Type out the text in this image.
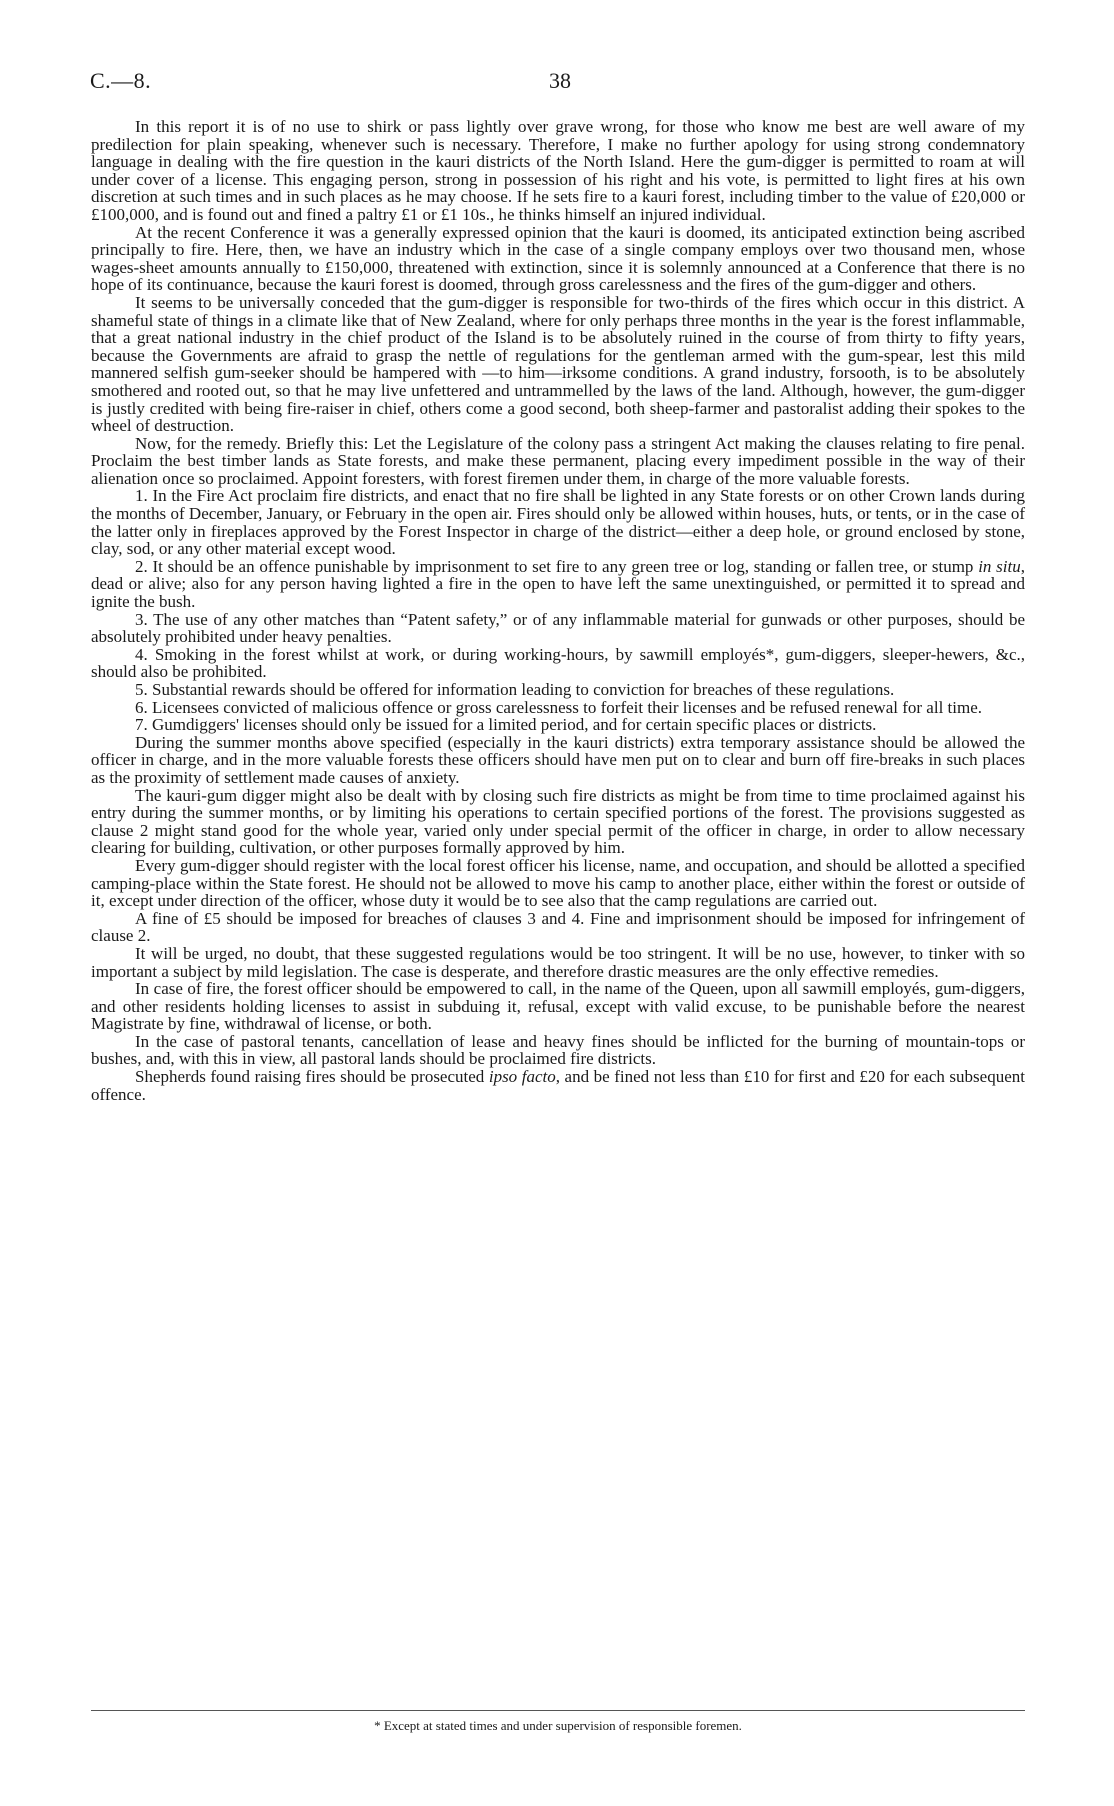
C.—8.	38

In this report it is of no use to shirk or pass lightly over grave wrong, for those who know me best are well aware of my predilection for plain speaking, whenever such is necessary. Therefore, I make no further apology for using strong condemnatory language in dealing with the fire question in the kauri districts of the North Island. Here the gum-digger is permitted to roam at will under cover of a license. This engaging person, strong in possession of his right and his vote, is permitted to light fires at his own discretion at such times and in such places as he may choose. If he sets fire to a kauri forest, including timber to the value of £20,000 or £100,000, and is found out and fined a paltry £1 or £1 10s., he thinks himself an injured individual.

At the recent Conference it was a generally expressed opinion that the kauri is doomed, its anticipated extinction being ascribed principally to fire. Here, then, we have an industry which in the case of a single company employs over two thousand men, whose wages-sheet amounts annually to £150,000, threatened with extinction, since it is solemnly announced at a Conference that there is no hope of its continuance, because the kauri forest is doomed, through gross carelessness and the fires of the gum-digger and others.

It seems to be universally conceded that the gum-digger is responsible for two-thirds of the fires which occur in this district. A shameful state of things in a climate like that of New Zealand, where for only perhaps three months in the year is the forest inflammable, that a great national industry in the chief product of the Island is to be absolutely ruined in the course of from thirty to fifty years, because the Governments are afraid to grasp the nettle of regulations for the gentleman armed with the gum-spear, lest this mild mannered selfish gum-seeker should be hampered with —to him—irksome conditions. A grand industry, forsooth, is to be absolutely smothered and rooted out, so that he may live unfettered and untrammelled by the laws of the land. Although, however, the gum-digger is justly credited with being fire-raiser in chief, others come a good second, both sheep-farmer and pastoralist adding their spokes to the wheel of destruction.

Now, for the remedy. Briefly this: Let the Legislature of the colony pass a stringent Act making the clauses relating to fire penal. Proclaim the best timber lands as State forests, and make these permanent, placing every impediment possible in the way of their alienation once so proclaimed. Appoint foresters, with forest firemen under them, in charge of the more valuable forests.

1. In the Fire Act proclaim fire districts, and enact that no fire shall be lighted in any State forests or on other Crown lands during the months of December, January, or February in the open air. Fires should only be allowed within houses, huts, or tents, or in the case of the latter only in fireplaces approved by the Forest Inspector in charge of the district—either a deep hole, or ground enclosed by stone, clay, sod, or any other material except wood.

2. It should be an offence punishable by imprisonment to set fire to any green tree or log, standing or fallen tree, or stump in situ, dead or alive; also for any person having lighted a fire in the open to have left the same unextinguished, or permitted it to spread and ignite the bush.

3. The use of any other matches than “Patent safety,” or of any inflammable material for gunwads or other purposes, should be absolutely prohibited under heavy penalties.

4. Smoking in the forest whilst at work, or during working-hours, by sawmill employés*, gum-diggers, sleeper-hewers, &c., should also be prohibited.

5. Substantial rewards should be offered for information leading to conviction for breaches of these regulations.

6. Licensees convicted of malicious offence or gross carelessness to forfeit their licenses and be refused renewal for all time.

7. Gumdiggers' licenses should only be issued for a limited period, and for certain specific places or districts.

During the summer months above specified (especially in the kauri districts) extra temporary assistance should be allowed the officer in charge, and in the more valuable forests these officers should have men put on to clear and burn off fire-breaks in such places as the proximity of settlement made causes of anxiety.

The kauri-gum digger might also be dealt with by closing such fire districts as might be from time to time proclaimed against his entry during the summer months, or by limiting his operations to certain specified portions of the forest. The provisions suggested as clause 2 might stand good for the whole year, varied only under special permit of the officer in charge, in order to allow necessary clearing for building, cultivation, or other purposes formally approved by him.

Every gum-digger should register with the local forest officer his license, name, and occupation, and should be allotted a specified camping-place within the State forest. He should not be allowed to move his camp to another place, either within the forest or outside of it, except under direction of the officer, whose duty it would be to see also that the camp regulations are carried out.

A fine of £5 should be imposed for breaches of clauses 3 and 4. Fine and imprisonment should be imposed for infringement of clause 2.

It will be urged, no doubt, that these suggested regulations would be too stringent. It will be no use, however, to tinker with so important a subject by mild legislation. The case is desperate, and therefore drastic measures are the only effective remedies.

In case of fire, the forest officer should be empowered to call, in the name of the Queen, upon all sawmill employés, gum-diggers, and other residents holding licenses to assist in subduing it, refusal, except with valid excuse, to be punishable before the nearest Magistrate by fine, withdrawal of license, or both.

In the case of pastoral tenants, cancellation of lease and heavy fines should be inflicted for the burning of mountain-tops or bushes, and, with this in view, all pastoral lands should be proclaimed fire districts.

Shepherds found raising fires should be prosecuted ipso facto, and be fined not less than £10 for first and £20 for each subsequent offence.

* Except at stated times and under supervision of responsible foremen.
